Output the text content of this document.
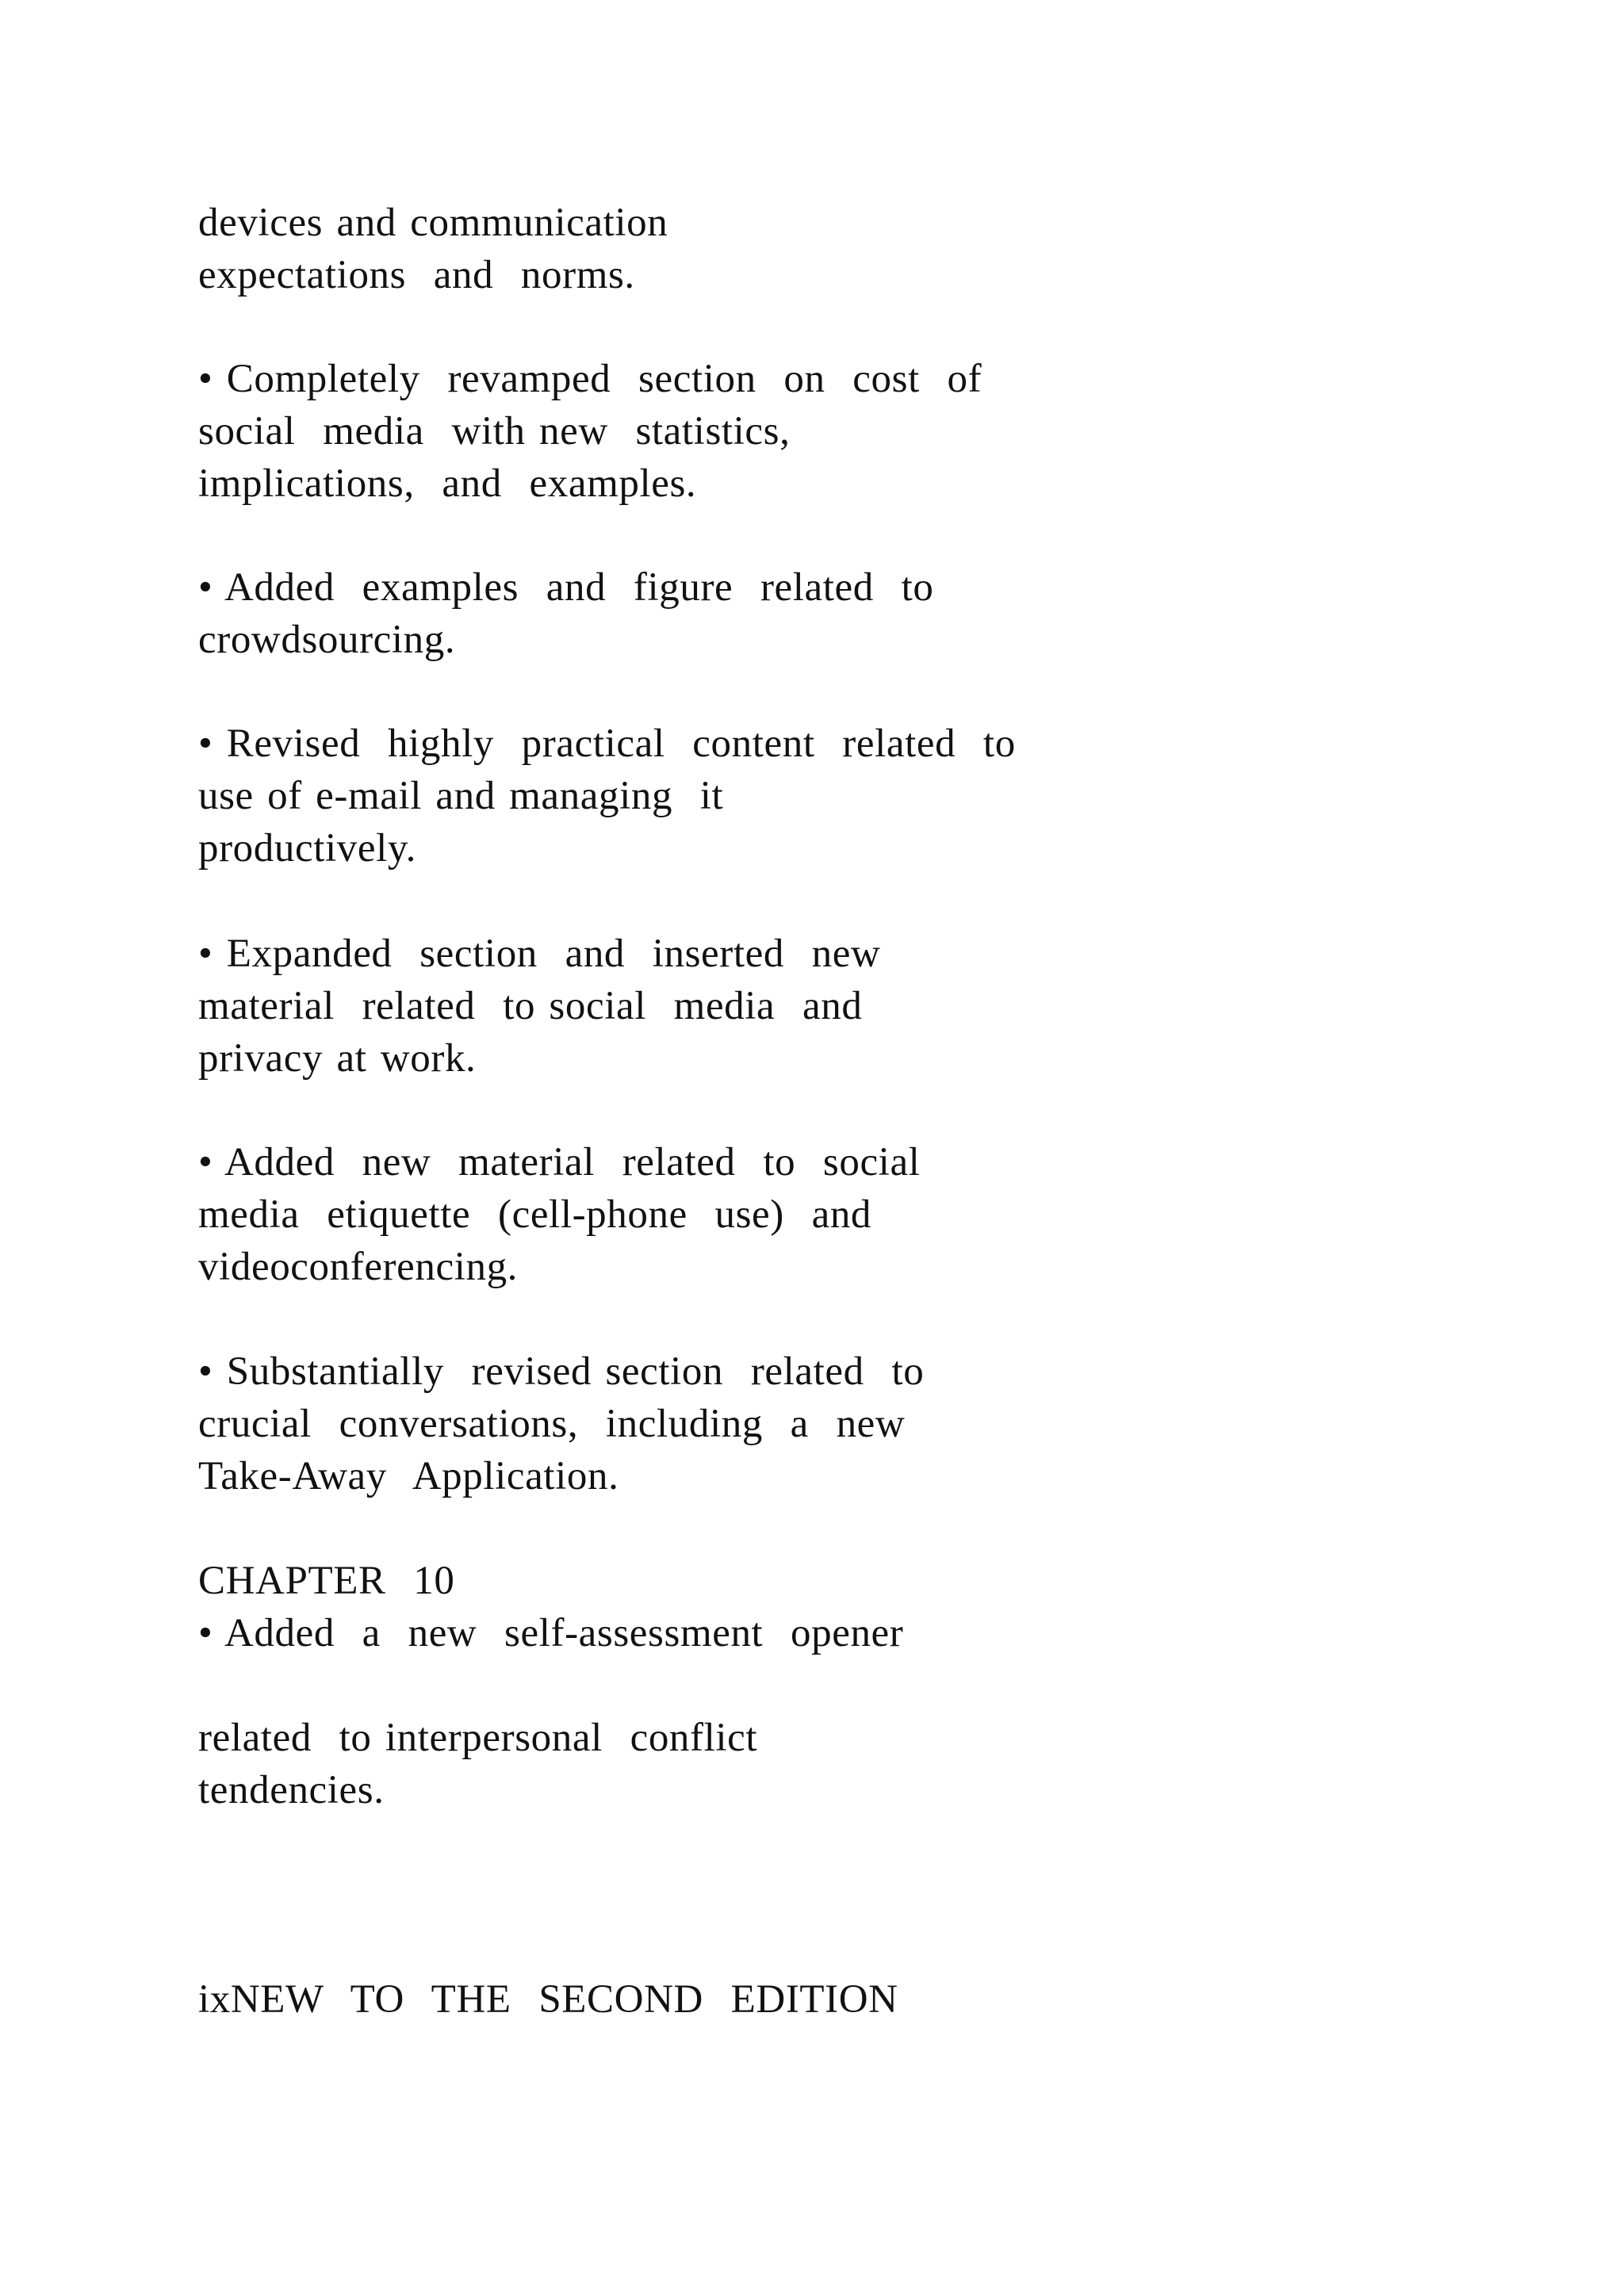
devices and communication

expectations  and  norms.

• Completely  revamped  section  on  cost  of

social  media  with new  statistics,

implications,  and  examples.

• Added  examples  and  figure  related  to

crowdsourcing.

• Revised  highly  practical  content  related  to

use of e-mail and managing  it

productively.

• Expanded  section  and  inserted  new

material  related  to social  media  and

privacy at work.

• Added  new  material  related  to  social

media  etiquette  (cell-phone  use)  and

videoconferencing.

• Substantially  revised section  related  to

crucial  conversations,  including  a  new

Take-Away  Application.

CHAPTER  10

• Added  a  new  self-assessment  opener

related  to interpersonal  conflict

tendencies.

ixNEW  TO  THE  SECOND  EDITION
